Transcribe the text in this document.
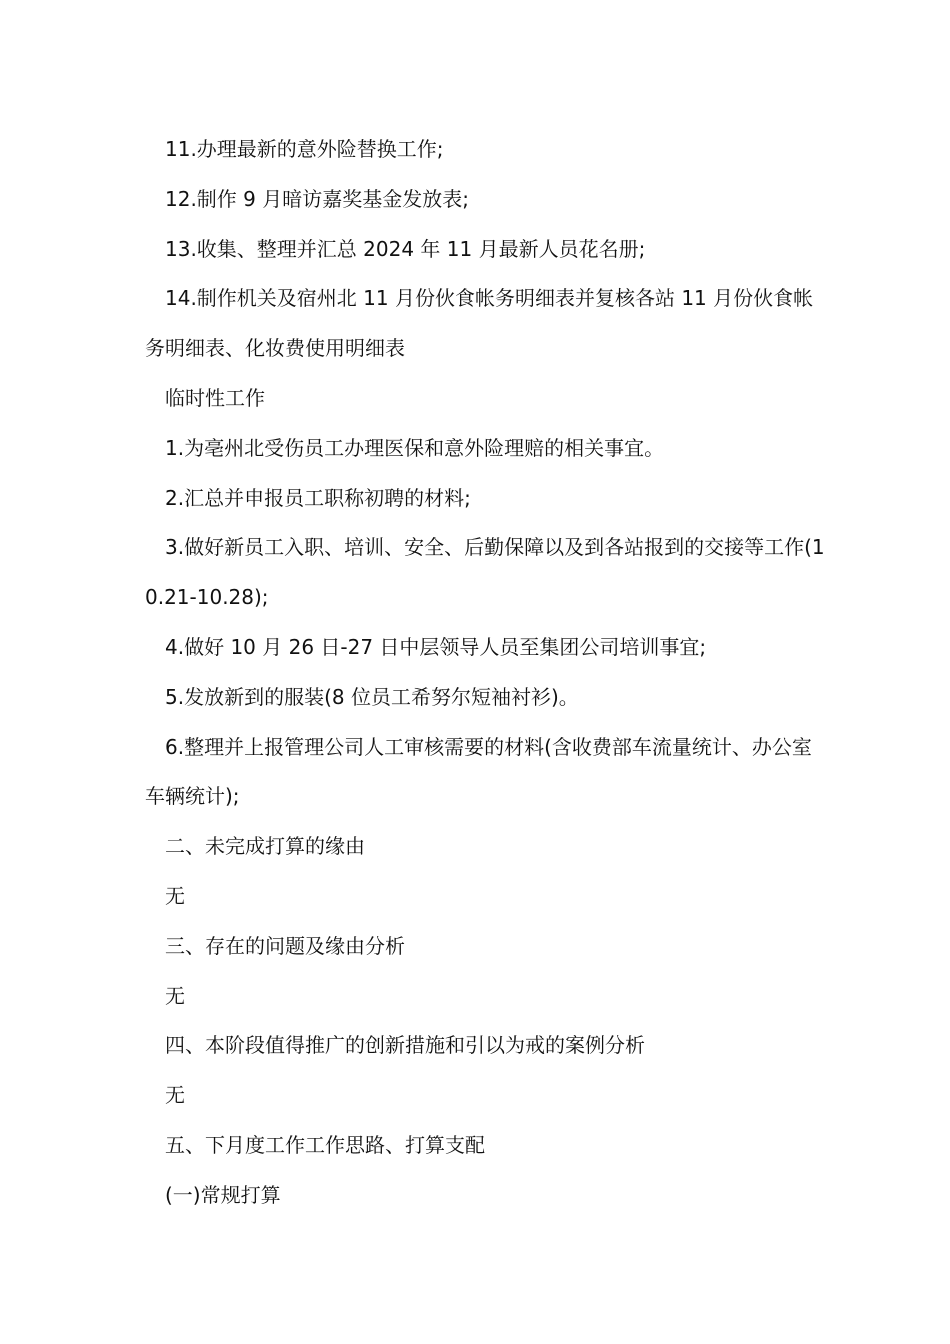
11.办理最新的意外险替换工作;

12.制作 9 月暗访嘉奖基金发放表;

13.收集、整理并汇总 2024 年 11 月最新人员花名册;

14.制作机关及宿州北 11 月份伙食帐务明细表并复核各站 11 月份伙食帐务明细表、化妆费使用明细表

临时性工作

1.为亳州北受伤员工办理医保和意外险理赔的相关事宜。

2.汇总并申报员工职称初聘的材料;

3.做好新员工入职、培训、安全、后勤保障以及到各站报到的交接等工作(10.21-10.28);

4.做好 10 月 26 日-27 日中层领导人员至集团公司培训事宜;

5.发放新到的服装(8 位员工希努尔短袖衬衫)。

6.整理并上报管理公司人工审核需要的材料(含收费部车流量统计、办公室车辆统计);

二、未完成打算的缘由

无

三、存在的问题及缘由分析

无

四、本阶段值得推广的创新措施和引以为戒的案例分析

无

五、下月度工作工作思路、打算支配

(一)常规打算
